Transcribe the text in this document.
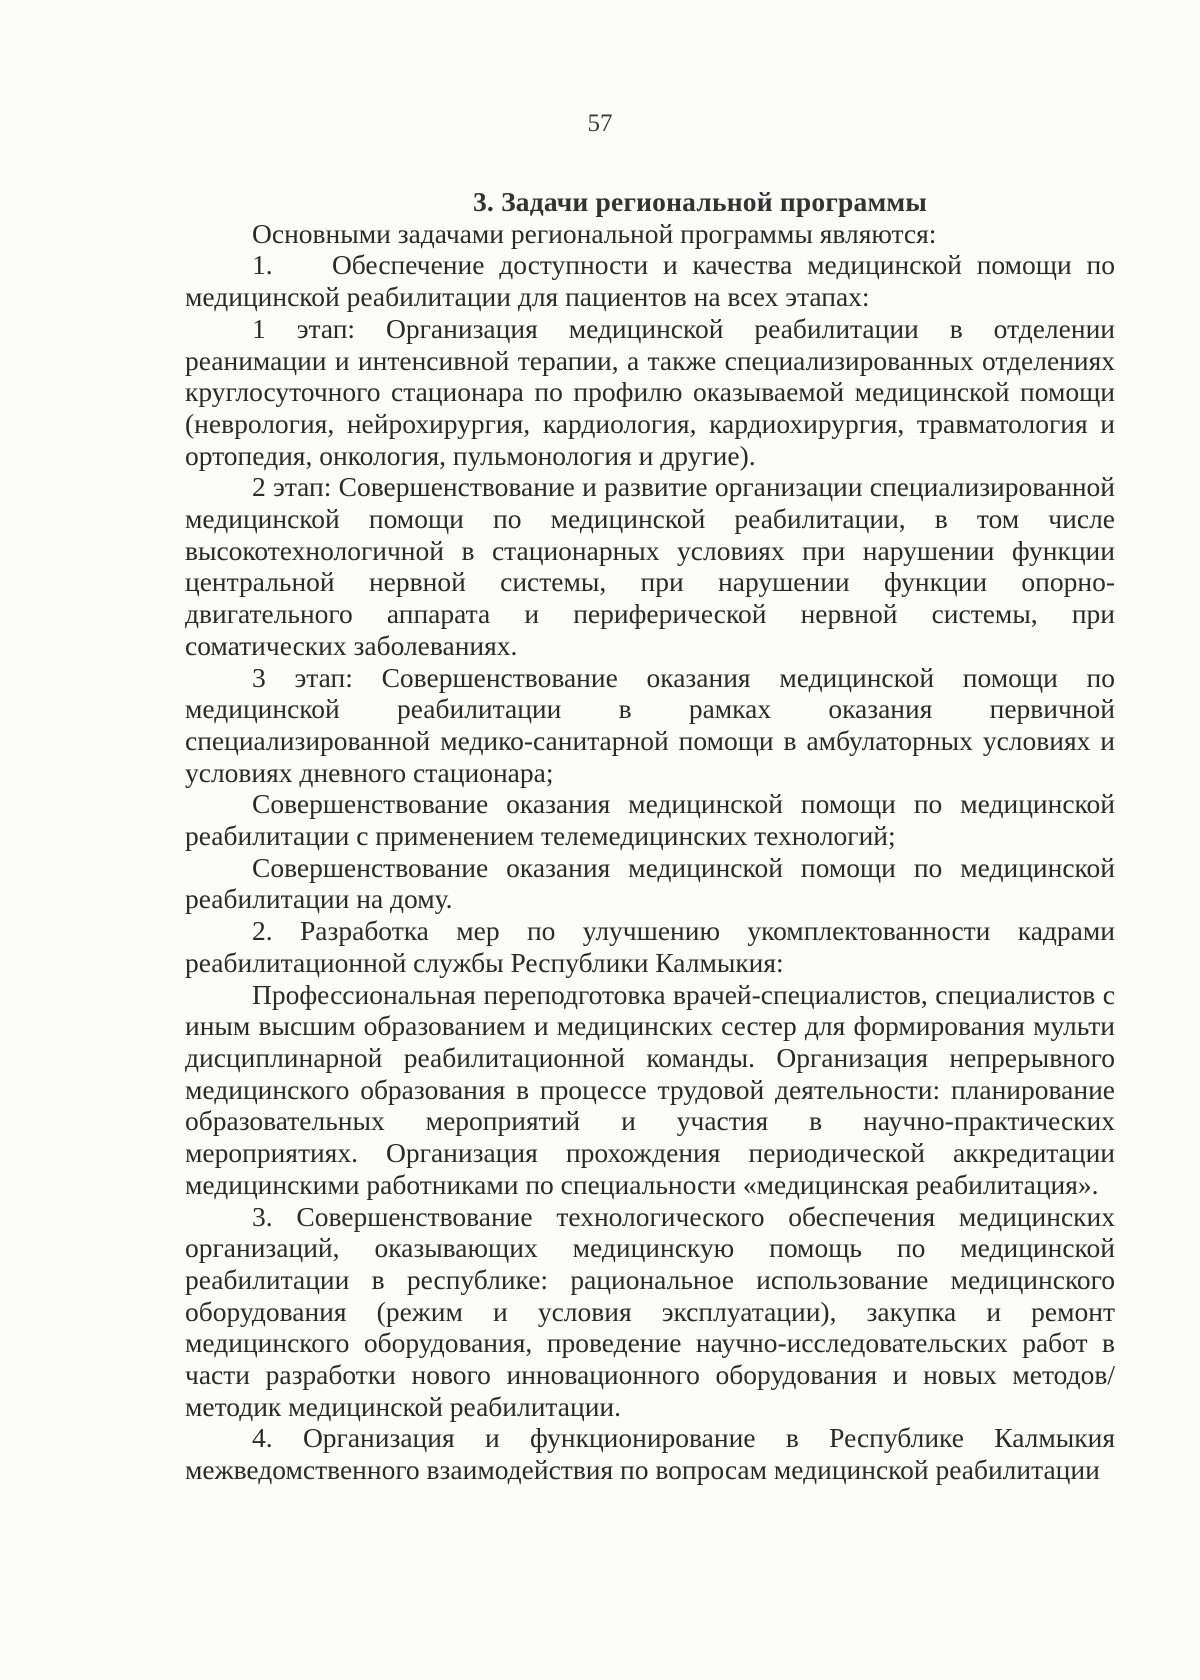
57

3. Задачи региональной программы

Основными задачами региональной программы являются:

1.    Обеспечение доступности и качества медицинской помощи по медицинской реабилитации для пациентов на всех этапах:

1 этап: Организация медицинской реабилитации в отделении реанимации и интенсивной терапии, а также специализированных отделениях круглосуточного стационара по профилю оказываемой медицинской помощи (неврология, нейрохирургия, кардиология, кардиохирургия, травматология и ортопедия, онкология, пульмонология и другие).

2 этап: Совершенствование и развитие организации специализированной медицинской помощи по медицинской реабилитации, в том числе высокотехнологичной в стационарных условиях при нарушении функции центральной нервной системы, при нарушении функции опорно-двигательного аппарата и периферической нервной системы, при соматических заболеваниях.

3 этап: Совершенствование оказания медицинской помощи по медицинской реабилитации в рамках оказания первичной специализированной медико-санитарной помощи в амбулаторных условиях и условиях дневного стационара;

Совершенствование оказания медицинской помощи по медицинской реабилитации с применением телемедицинских технологий;

Совершенствование оказания медицинской помощи по медицинской реабилитации на дому.

2. Разработка мер по улучшению укомплектованности кадрами реабилитационной службы Республики Калмыкия:

Профессиональная переподготовка врачей-специалистов, специалистов с иным высшим образованием и медицинских сестер для формирования мульти дисциплинарной реабилитационной команды. Организация непрерывного медицинского образования в процессе трудовой деятельности: планирование образовательных мероприятий и участия в научно-практических мероприятиях. Организация прохождения периодической аккредитации медицинскими работниками по специальности «медицинская реабилитация».

3. Совершенствование технологического обеспечения медицинских организаций, оказывающих медицинскую помощь по медицинской реабилитации в республике: рациональное использование медицинского оборудования (режим и условия эксплуатации), закупка и ремонт медицинского оборудования, проведение научно-исследовательских работ в части разработки нового инновационного оборудования и новых методов/методик медицинской реабилитации.

4. Организация и функционирование в Республике Калмыкия межведомственного взаимодействия по вопросам медицинской реабилитации
